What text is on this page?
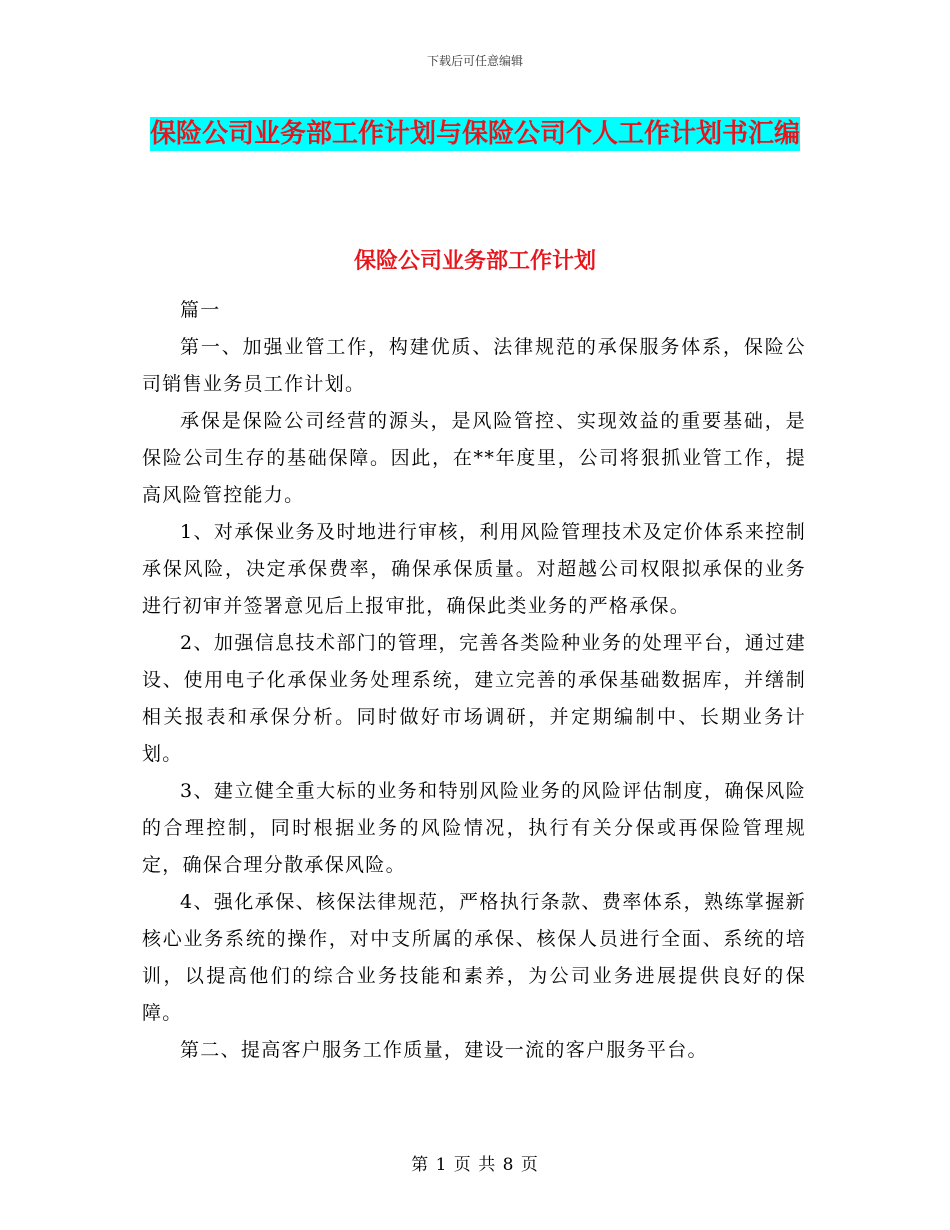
下载后可任意编辑
保险公司业务部工作计划与保险公司个人工作计划书汇编
保险公司业务部工作计划

篇一

第一、加强业管工作，构建优质、法律规范的承保服务体系，保险公司销售业务员工作计划。

承保是保险公司经营的源头，是风险管控、实现效益的重要基础，是保险公司生存的基础保障。因此，在**年度里，公司将狠抓业管工作，提高风险管控能力。

1、对承保业务及时地进行审核，利用风险管理技术及定价体系来控制承保风险，决定承保费率，确保承保质量。对超越公司权限拟承保的业务进行初审并签署意见后上报审批，确保此类业务的严格承保。

2、加强信息技术部门的管理，完善各类险种业务的处理平台，通过建设、使用电子化承保业务处理系统，建立完善的承保基础数据库，并缮制相关报表和承保分析。同时做好市场调研，并定期编制中、长期业务计划。

3、建立健全重大标的业务和特别风险业务的风险评估制度，确保风险的合理控制，同时根据业务的风险情况，执行有关分保或再保险管理规定，确保合理分散承保风险。

4、强化承保、核保法律规范，严格执行条款、费率体系，熟练掌握新核心业务系统的操作，对中支所属的承保、核保人员进行全面、系统的培训，以提高他们的综合业务技能和素养，为公司业务进展提供良好的保障。

第二、提高客户服务工作质量，建设一流的客户服务平台。

第 1 页 共 8 页
